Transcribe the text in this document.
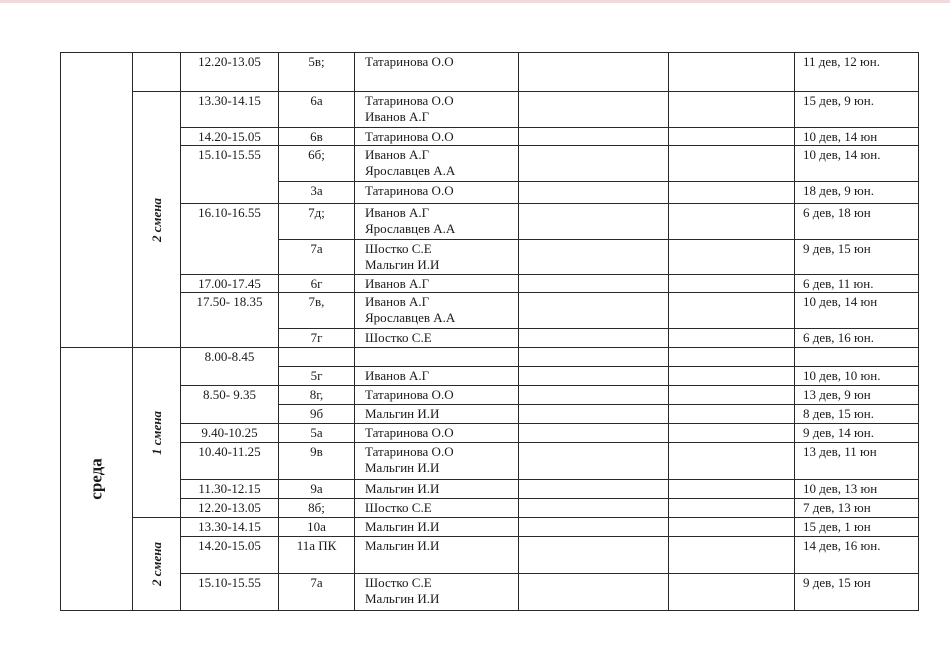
		12.20-13.05	5в;	Татаринова О.О			11 дев, 12 юн.
	2 смена	13.30-14.15	6а	Татаринова О.О
Иванов А.Г			15 дев, 9 юн.
		14.20-15.05	6в	Татаринова О.О			10 дев, 14 юн
		15.10-15.55	6б;	Иванов А.Г
Ярославцев А.А			10 дев, 14 юн.
			3а	Татаринова О.О			18 дев, 9 юн.
		16.10-16.55	7д;	Иванов А.Г
Ярославцев А.А			6 дев, 18 юн
			7а	Шостко С.Е
Мальгин И.И			9 дев, 15 юн
		17.00-17.45	6г	Иванов А.Г			6 дев, 11 юн.
		17.50- 18.35	7в,	Иванов А.Г
Ярославцев А.А			10 дев, 14 юн
			7г	Шостко С.Е			6 дев, 16 юн.
среда	1 смена	8.00-8.45		

			5г	Иванов А.Г			10 дев, 10 юн.
		8.50- 9.35	8г,	Татаринова О.О			13 дев, 9 юн
			9б	Мальгин И.И			8 дев, 15 юн.
		9.40-10.25	5а	Татаринова О.О			9 дев, 14 юн.
		10.40-11.25	9в	Татаринова О.О
Мальгин И.И			13 дев, 11 юн
		11.30-12.15	9а	Мальгин И.И			10 дев, 13 юн
		12.20-13.05	8б;	Шостко С.Е			7 дев, 13 юн
	2 смена	13.30-14.15	10а	Мальгин И.И			15 дев, 1 юн
		14.20-15.05	11а ПК	Мальгин И.И			14 дев, 16 юн.
		15.10-15.55	7а	Шостко С.Е
Мальгин И.И			9 дев, 15 юн
